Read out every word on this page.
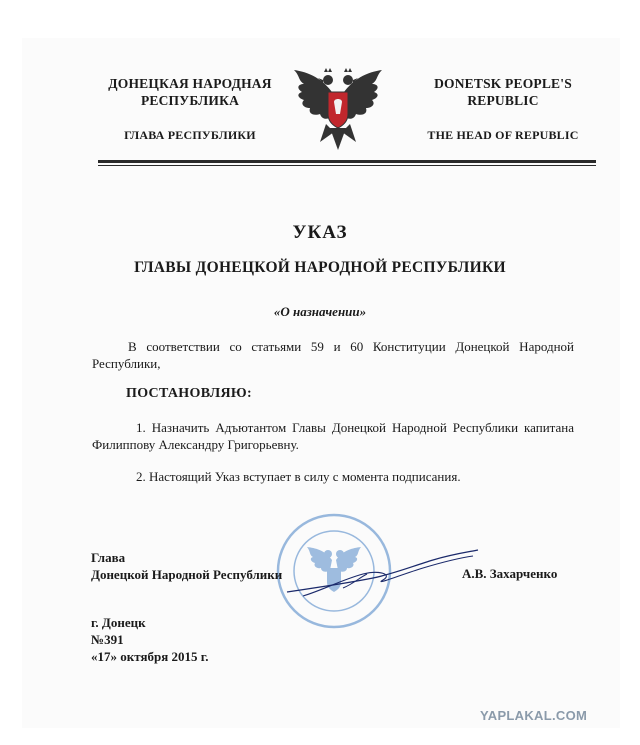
ДОНЕЦКАЯ НАРОДНАЯ РЕСПУБЛИКА
ГЛАВА РЕСПУБЛИКИ
DONETSK PEOPLE'S REPUBLIC
THE HEAD OF REPUBLIC
УКАЗ
ГЛАВЫ ДОНЕЦКОЙ НАРОДНОЙ РЕСПУБЛИКИ
«О назначении»
В соответствии со статьями 59 и 60 Конституции Донецкой Народной Республики,
ПОСТАНОВЛЯЮ:
1. Назначить Адъютантом Главы Донецкой Народной Республики капитана Филиппову Александру Григорьевну.
2. Настоящий Указ вступает в силу с момента подписания.
Глава
Донецкой Народной Республики	А.В. Захарченко
г. Донецк
№391
«17» октября 2015 г.
YAPLAKAL.COM
